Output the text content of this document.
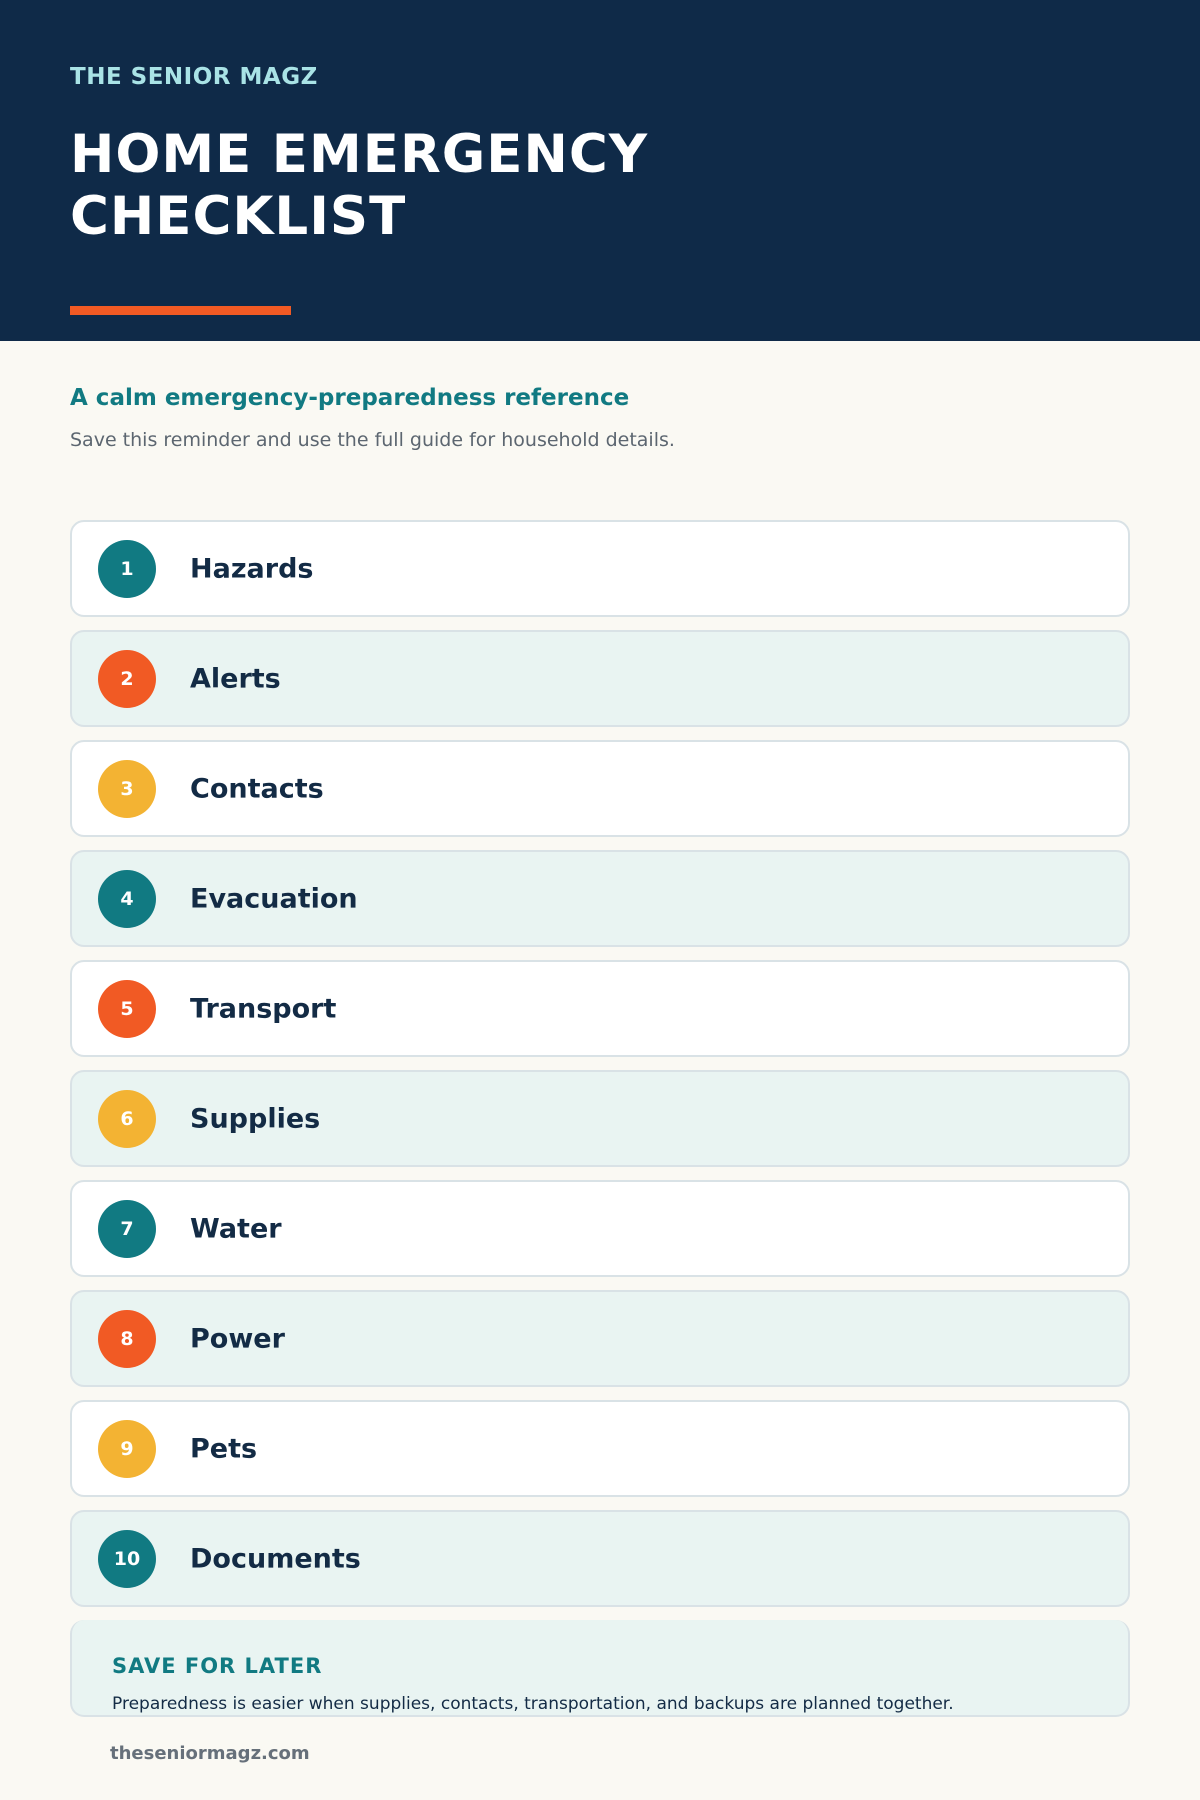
THE SENIOR MAGZ
HOME EMERGENCY
CHECKLIST
A calm emergency-preparedness reference
Save this reminder and use the full guide for household details.
1	Hazards
2	Alerts
3	Contacts
4	Evacuation
5	Transport
6	Supplies
7	Water
8	Power
9	Pets
10	Documents
SAVE FOR LATER
Preparedness is easier when supplies, contacts, transportation, and backups are planned together.
theseniormagz.com
